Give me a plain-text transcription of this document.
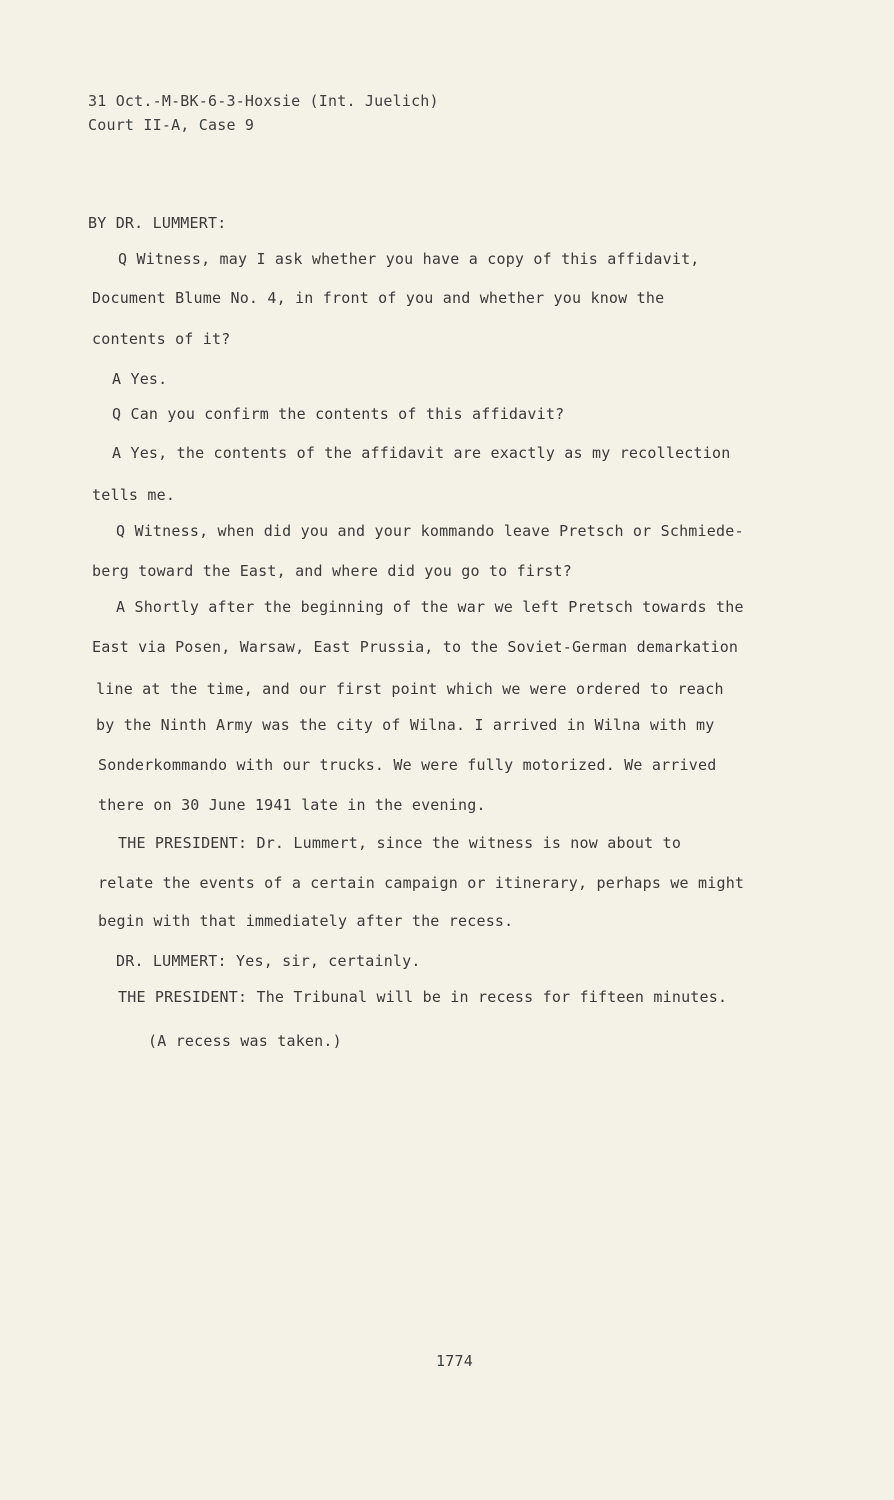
31 Oct.-M-BK-6-3-Hoxsie (Int. Juelich)

Court II-A, Case 9

BY DR. LUMMERT:

Q Witness, may I ask whether you have a copy of this affidavit,

Document Blume No. 4, in front of you and whether you know the

contents of it?

A Yes.

Q Can you confirm the contents of this affidavit?

A Yes, the contents of the affidavit are exactly as my recollection

tells me.

Q Witness, when did you and your kommando leave Pretsch or Schmiede-

berg toward the East, and where did you go to first?

A Shortly after the beginning of the war we left Pretsch towards the

East via Posen, Warsaw, East Prussia, to the Soviet-German demarkation

line at the time, and our first point which we were ordered to reach

by the Ninth Army was the city of Wilna. I arrived in Wilna with my

Sonderkommando with our trucks. We were fully motorized. We arrived

there on 30 June 1941 late in the evening.

THE PRESIDENT: Dr. Lummert, since the witness is now about to

relate the events of a certain campaign or itinerary, perhaps we might

begin with that immediately after the recess.

DR. LUMMERT: Yes, sir, certainly.

THE PRESIDENT: The Tribunal will be in recess for fifteen minutes.

(A recess was taken.)

1774
